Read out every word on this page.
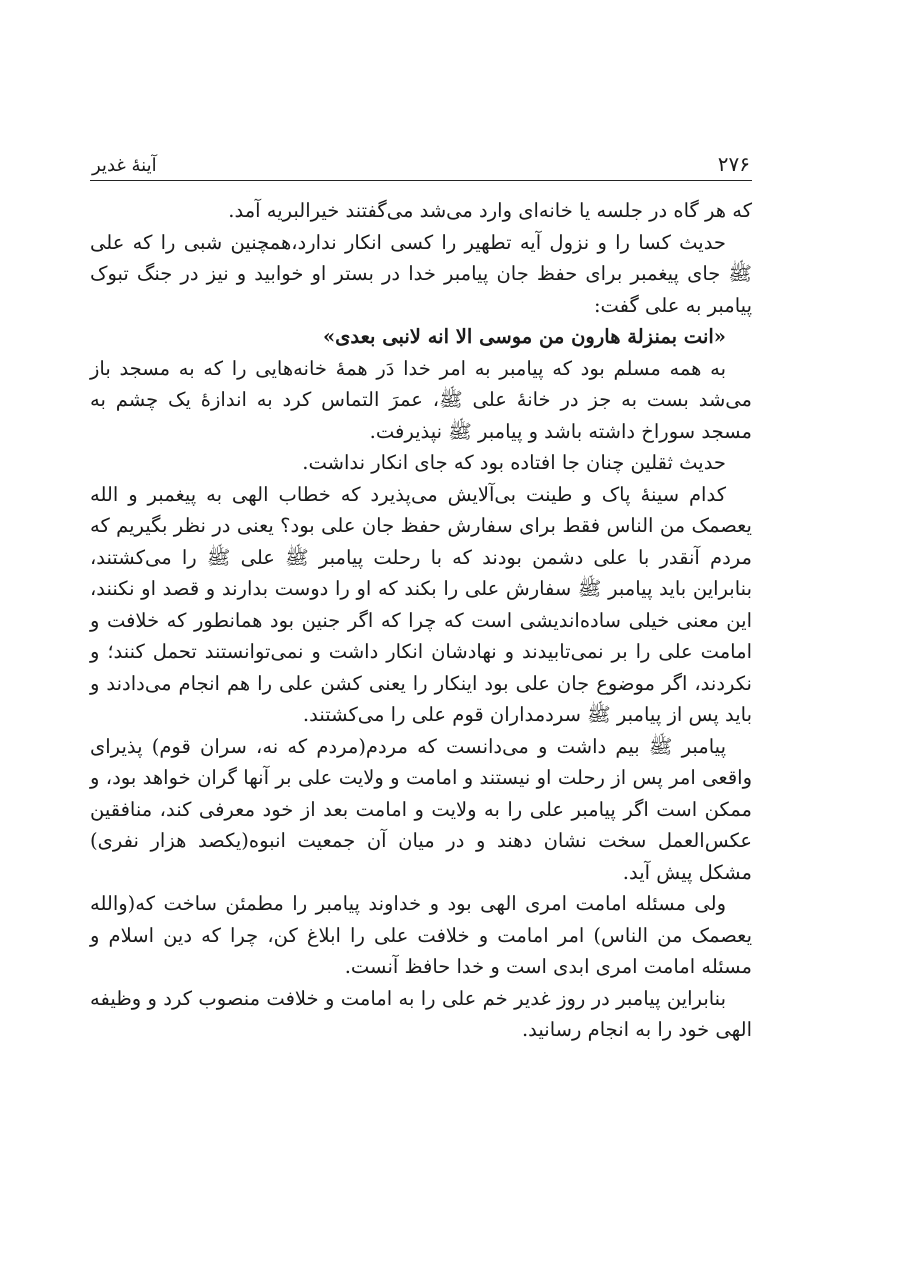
۲۷۶
آینهٔ غدیر

که هر گاه در جلسه یا خانه‌ای وارد می‌شد می‌گفتند خیرالبریه آمد.

حدیث کسا را و نزول آیه تطهیر را کسی انکار ندارد،همچنین شبی را که علی ﷺ جای پیغمبر برای حفظ جان پیامبر خدا در بستر او خوابید و نیز در جنگ تبوک پیامبر به علی گفت:

«انت بمنزلة هارون من موسی الا انه لانبی بعدی»

به همه مسلم بود که پیامبر به امر خدا دَر همهٔ خانه‌هایی را که به مسجد باز می‌شد بست به جز در خانهٔ علی ﷺ، عمرَ التماس کرد به اندازهٔ یک چشم به مسجد سوراخ داشته باشد و پیامبر ﷺ نپذیرفت.

حدیث ثقلین چنان جا افتاده بود که جای انکار نداشت.

کدام سینهٔ پاک و طینت بی‌آلایش می‌پذیرد که خطاب الهی به پیغمبر و الله یعصمک من الناس فقط برای سفارش حفظ جان علی بود؟ یعنی در نظر بگیریم که مردم آنقدر با علی دشمن بودند که با رحلت پیامبر ﷺ علی ﷺ را می‌کشتند، بنابراین باید پیامبر ﷺ سفارش علی را بکند که او را دوست بدارند و قصد او نکنند، این معنی خیلی ساده‌اندیشی است که چرا که اگر جنین بود همانطور که خلافت و امامت علی را بر نمی‌تابیدند و نهادشان انکار داشت و نمی‌توانستند تحمل کنند؛ و نکردند، اگر موضوع جان علی بود اینکار را یعنی کشن علی را هم انجام می‌دادند و باید پس از پیامبر ﷺ سردمداران قوم علی را می‌کشتند.

پیامبر ﷺ بیم داشت و می‌دانست که مردم(مردم که نه، سران قوم) پذیرای واقعی امر پس از رحلت او نیستند و امامت و ولایت علی بر آنها گران خواهد بود، و ممکن است اگر پیامبر علی را به ولایت و امامت بعد از خود معرفی کند، منافقین عکس‌العمل سخت نشان دهند و در میان آن جمعیت انبوه(یکصد هزار نفری) مشکل پیش آید.

ولی مسئله امامت امری الهی بود و خداوند پیامبر را مطمئن ساخت که(والله یعصمک من الناس) امر امامت و خلافت علی را ابلاغ کن، چرا که دین اسلام و مسئله امامت امری ابدی است و خدا حافظ آنست.

بنابراین پیامبر در روز غدیر خم علی را به امامت و خلافت منصوب کرد و وظیفه الهی خود را به انجام رسانید.
